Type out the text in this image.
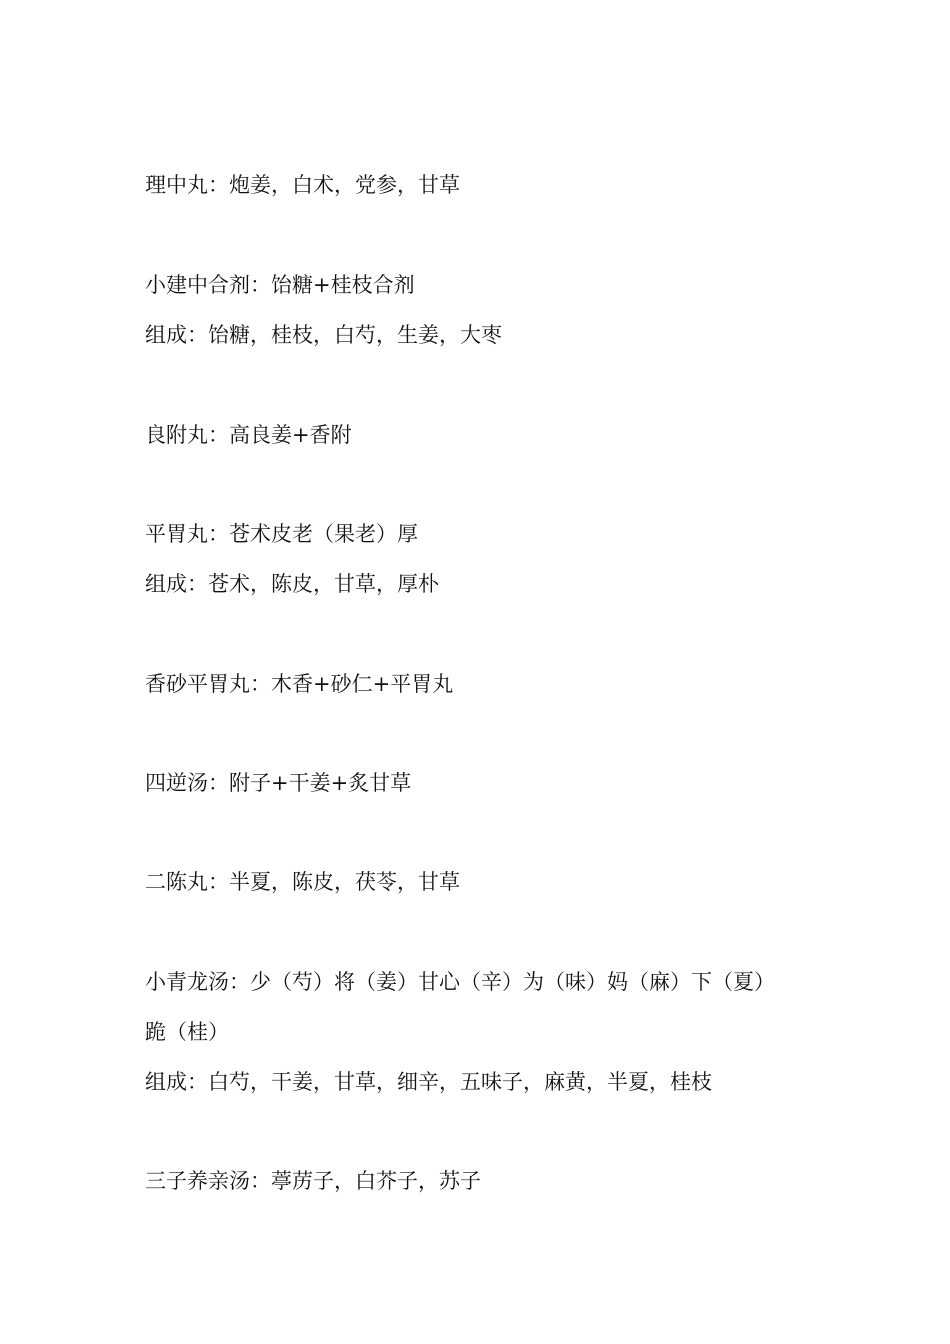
理中丸：炮姜，白术，党参，甘草
小建中合剂：饴糖+桂枝合剂
组成：饴糖，桂枝，白芍，生姜，大枣
良附丸：高良姜+香附
平胃丸：苍术皮老（果老）厚
组成：苍术，陈皮，甘草，厚朴
香砂平胃丸：木香+砂仁+平胃丸
四逆汤：附子+干姜+炙甘草
二陈丸：半夏，陈皮，茯苓，甘草
小青龙汤：少（芍）将（姜）甘心（辛）为（味）妈（麻）下（夏）
跪（桂）
组成：白芍，干姜，甘草，细辛，五味子，麻黄，半夏，桂枝
三子养亲汤：葶苈子，白芥子，苏子
